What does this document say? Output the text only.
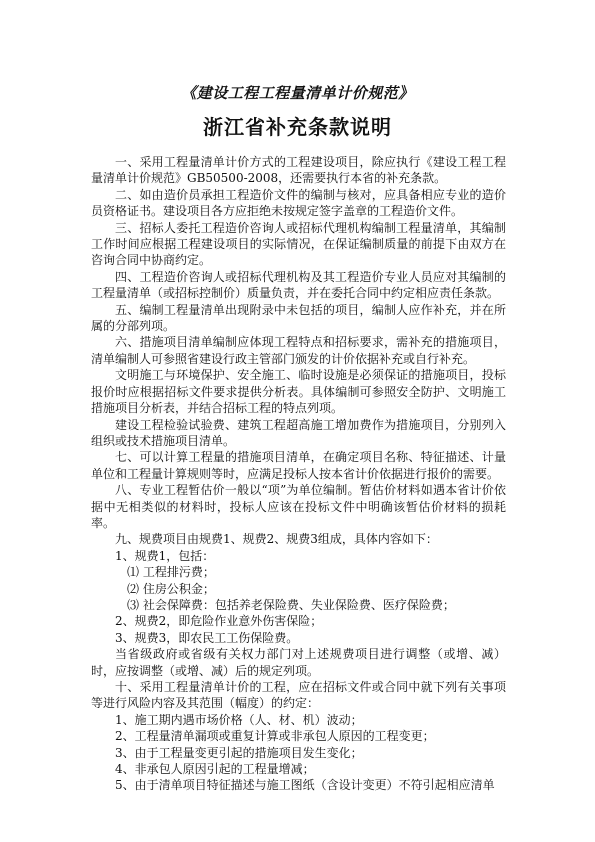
《建设工程工程量清单计价规范》
浙江省补充条款说明

一、采用工程量清单计价方式的工程建设项目，除应执行《建设工程工程量清单计价规范》GB50500-2008，还需要执行本省的补充条款。

二、如由造价员承担工程造价文件的编制与核对，应具备相应专业的造价员资格证书。建设项目各方应拒绝未按规定签字盖章的工程造价文件。

三、招标人委托工程造价咨询人或招标代理机构编制工程量清单，其编制工作时间应根据工程建设项目的实际情况，在保证编制质量的前提下由双方在咨询合同中协商约定。

四、工程造价咨询人或招标代理机构及其工程造价专业人员应对其编制的工程量清单（或招标控制价）质量负责，并在委托合同中约定相应责任条款。

五、编制工程量清单出现附录中未包括的项目，编制人应作补充，并在所属的分部列项。

六、措施项目清单编制应体现工程特点和招标要求，需补充的措施项目，清单编制人可参照省建设行政主管部门颁发的计价依据补充或自行补充。

文明施工与环境保护、安全施工、临时设施是必须保证的措施项目，投标报价时应根据招标文件要求提供分析表。具体编制可参照安全防护、文明施工措施项目分析表，并结合招标工程的特点列项。

建设工程检验试验费、建筑工程超高施工增加费作为措施项目，分别列入组织或技术措施项目清单。

七、可以计算工程量的措施项目清单，在确定项目名称、特征描述、计量单位和工程量计算规则等时，应满足投标人按本省计价依据进行报价的需要。

八、专业工程暂估价一般以“项”为单位编制。暂估价材料如遇本省计价依据中无相类似的材料时，投标人应该在投标文件中明确该暂估价材料的损耗率。

九、规费项目由规费1、规费2、规费3组成，具体内容如下：

1、规费1，包括：

⑴ 工程排污费；

⑵ 住房公积金；

⑶ 社会保障费：包括养老保险费、失业保险费、医疗保险费；

2、规费2，即危险作业意外伤害保险；

3、规费3，即农民工工伤保险费。

当省级政府或省级有关权力部门对上述规费项目进行调整（或增、减）时，应按调整（或增、减）后的规定列项。

十、采用工程量清单计价的工程，应在招标文件或合同中就下列有关事项等进行风险内容及其范围（幅度）的约定：

1、施工期内遇市场价格（人、材、机）波动；

2、工程量清单漏项或重复计算或非承包人原因的工程变更；

3、由于工程量变更引起的措施项目发生变化；

4、非承包人原因引起的工程量增减；

5、由于清单项目特征描述与施工图纸（含设计变更）不符引起相应清单
